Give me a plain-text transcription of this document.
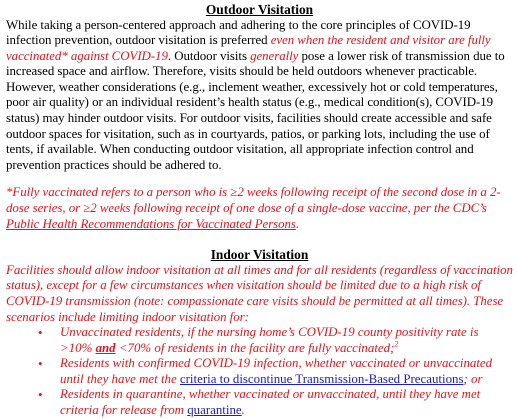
Outdoor Visitation

While taking a person-centered approach and adhering to the core principles of COVID-19 infection prevention, outdoor visitation is preferred even when the resident and visitor are fully vaccinated* against COVID-19. Outdoor visits generally pose a lower risk of transmission due to increased space and airflow. Therefore, visits should be held outdoors whenever practicable. However, weather considerations (e.g., inclement weather, excessively hot or cold temperatures, poor air quality) or an individual resident’s health status (e.g., medical condition(s), COVID-19 status) may hinder outdoor visits. For outdoor visits, facilities should create accessible and safe outdoor spaces for visitation, such as in courtyards, patios, or parking lots, including the use of tents, if available. When conducting outdoor visitation, all appropriate infection control and prevention practices should be adhered to.

*Fully vaccinated refers to a person who is ≥2 weeks following receipt of the second dose in a 2-dose series, or ≥2 weeks following receipt of one dose of a single-dose vaccine, per the CDC’s Public Health Recommendations for Vaccinated Persons.

Indoor Visitation

Facilities should allow indoor visitation at all times and for all residents (regardless of vaccination status), except for a few circumstances when visitation should be limited due to a high risk of COVID-19 transmission (note: compassionate care visits should be permitted at all times). These scenarios include limiting indoor visitation for:

• Unvaccinated residents, if the nursing home’s COVID-19 county positivity rate is >10% and <70% of residents in the facility are fully vaccinated;$^2$
• Residents with confirmed COVID-19 infection, whether vaccinated or unvaccinated until they have met the criteria to discontinue Transmission-Based Precautions; or
• Residents in quarantine, whether vaccinated or unvaccinated, until they have met criteria for release from quarantine.
